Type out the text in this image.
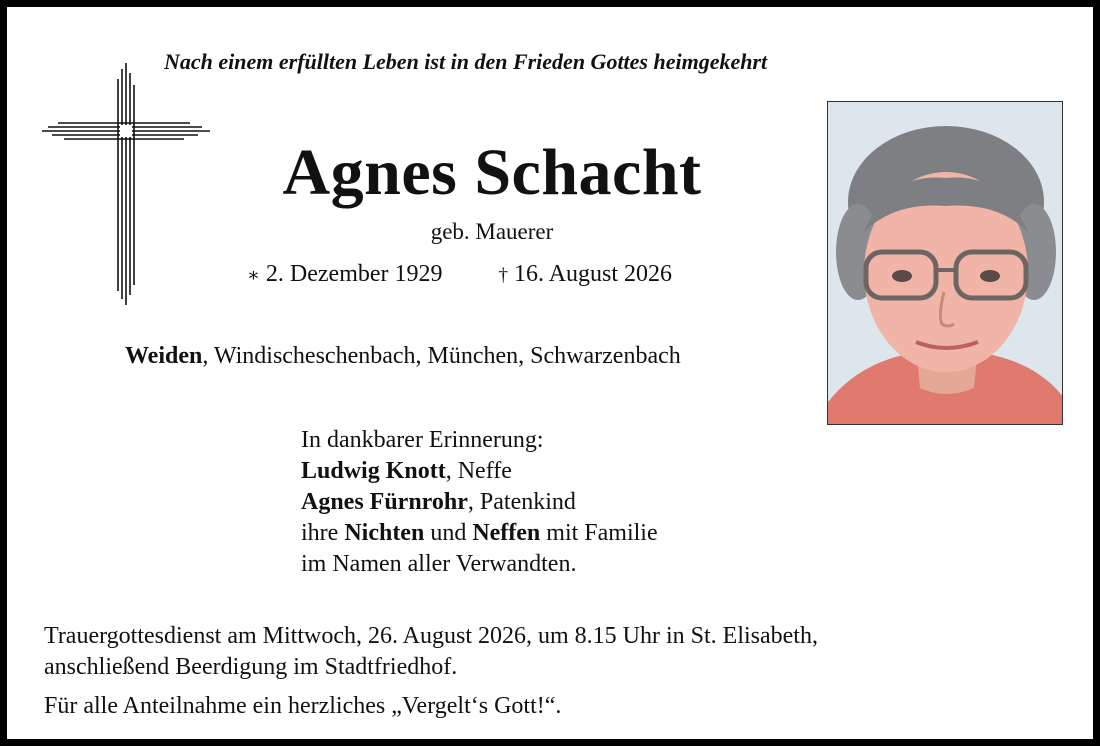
Nach einem erfüllten Leben ist in den Frieden Gottes heimgekehrt
Agnes Schacht
geb. Mauerer
∗ 2. Dezember 1929	† 16. August 2026
Weiden, Windischeschenbach, München, Schwarzenbach
In dankbarer Erinnerung:
Ludwig Knott, Neffe
Agnes Fürnrohr, Patenkind
ihre Nichten und Neffen mit Familie
im Namen aller Verwandten.
Trauergottesdienst am Mittwoch, 26. August 2026, um 8.15 Uhr in St. Elisabeth,
anschließend Beerdigung im Stadtfriedhof.
Für alle Anteilnahme ein herzliches „Vergelt‘s Gott!“.
